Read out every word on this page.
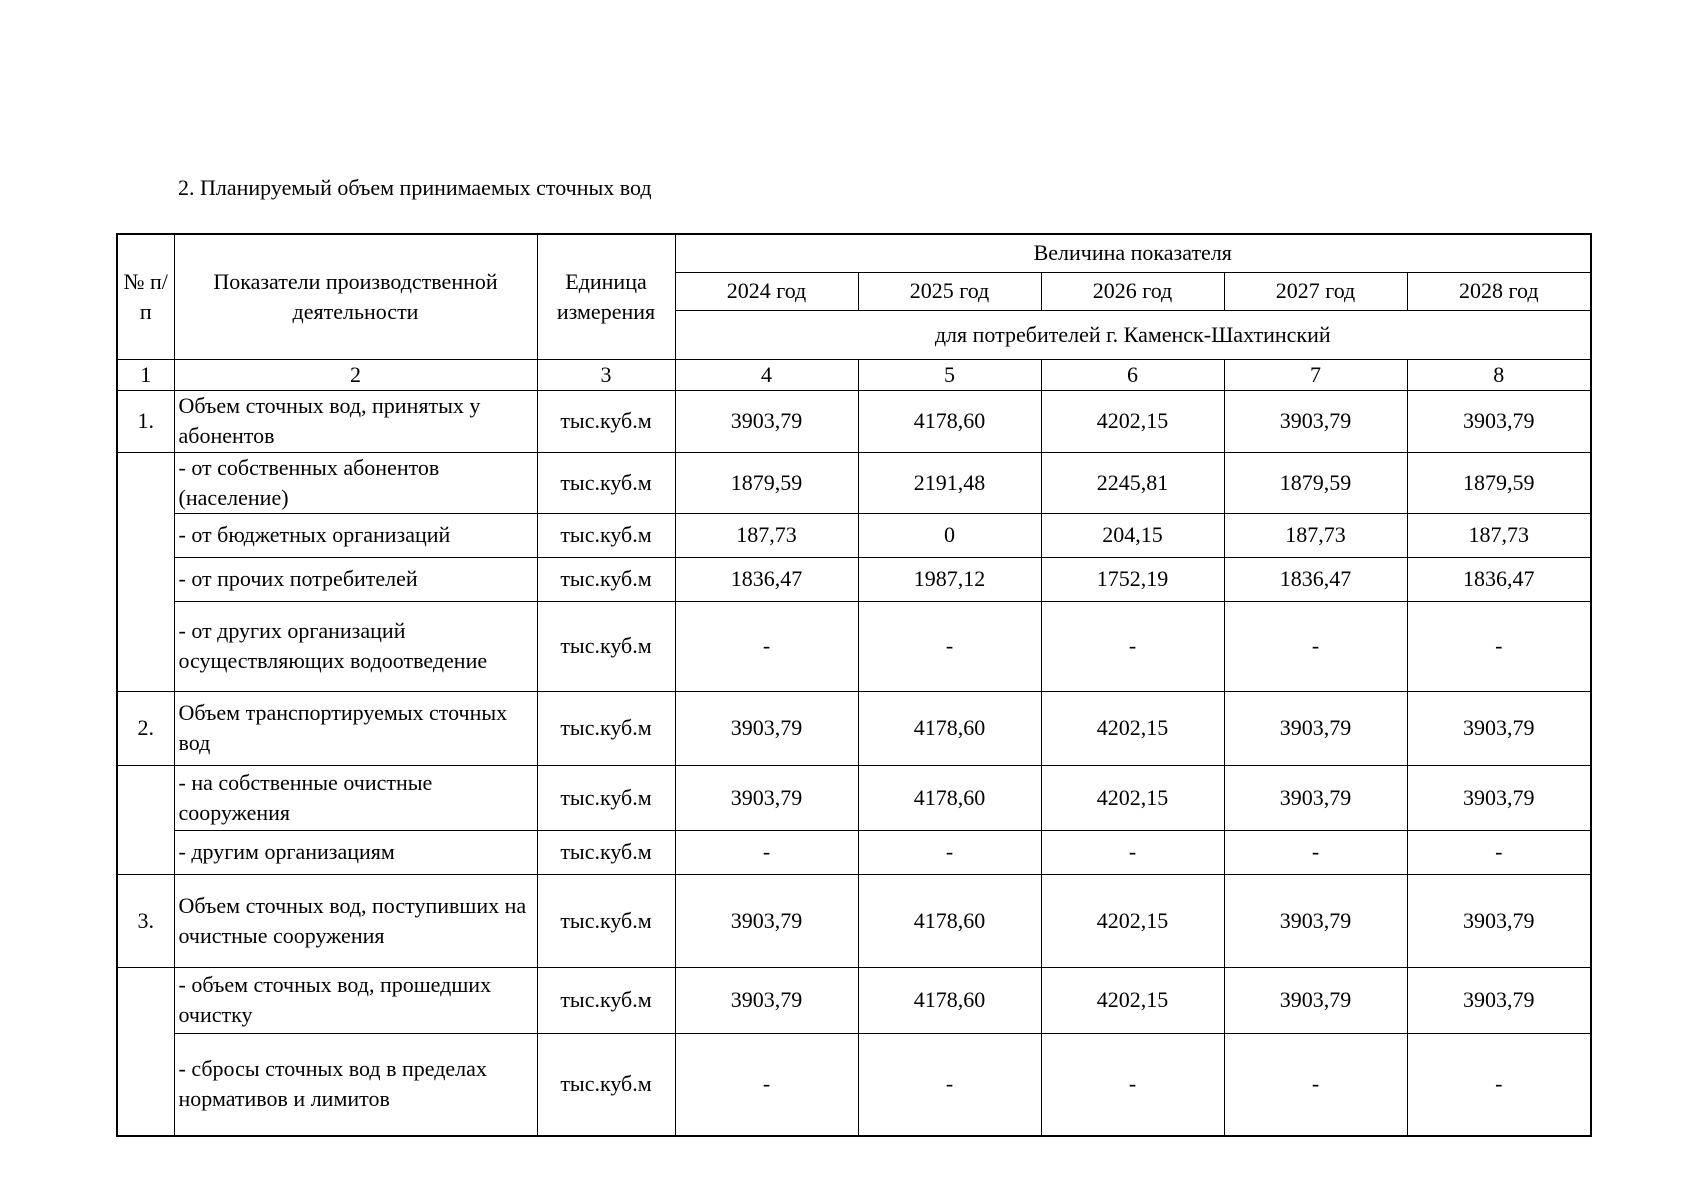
2. Планируемый объем принимаемых сточных вод
№ п/п	Показатели производственной деятельности	Единица измерения	Величина показателя				
			2024 год	2025 год	2026 год	2027 год	2028 год
			для потребителей г. Каменск-Шахтинский				
1	2	3	4	5	6	7	8
1.	Объем сточных вод, принятых у абонентов	тыс.куб.м	3903,79	4178,60	4202,15	3903,79	3903,79
	- от собственных абонентов (население)	тыс.куб.м	1879,59	2191,48	2245,81	1879,59	1879,59
	- от бюджетных организаций	тыс.куб.м	187,73	0	204,15	187,73	187,73
	- от прочих потребителей	тыс.куб.м	1836,47	1987,12	1752,19	1836,47	1836,47
	- от других организаций осуществляющих водоотведение	тыс.куб.м	-	-	-	-	-
2.	Объем транспортируемых сточных вод	тыс.куб.м	3903,79	4178,60	4202,15	3903,79	3903,79
	- на собственные очистные сооружения	тыс.куб.м	3903,79	4178,60	4202,15	3903,79	3903,79
	- другим организациям	тыс.куб.м	-	-	-	-	-
3.	Объем сточных вод, поступивших на очистные сооружения	тыс.куб.м	3903,79	4178,60	4202,15	3903,79	3903,79
	- объем сточных вод, прошедших очистку	тыс.куб.м	3903,79	4178,60	4202,15	3903,79	3903,79
	- сбросы сточных вод в пределах нормативов и лимитов	тыс.куб.м	-	-	-	-	-
